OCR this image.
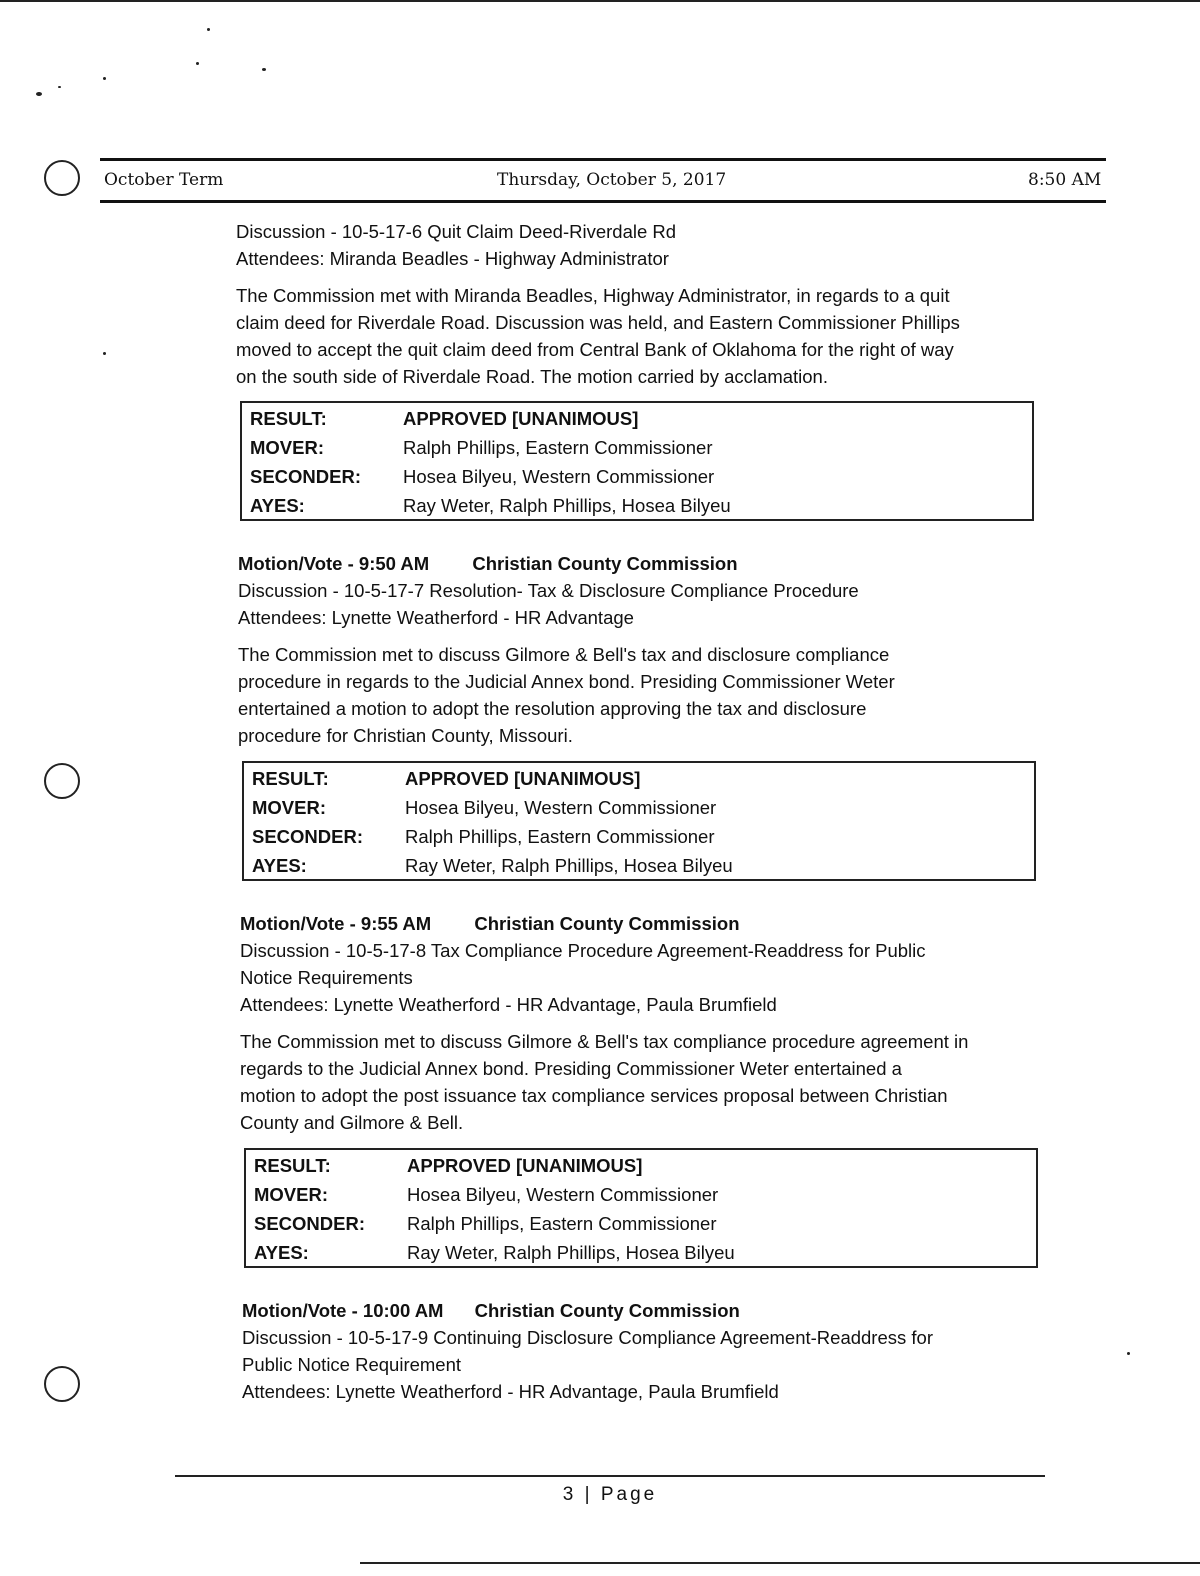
October Term	Thursday, October 5, 2017	8:50 AM

Discussion - 10-5-17-6 Quit Claim Deed-Riverdale Rd

Attendees: Miranda Beadles - Highway Administrator

The Commission met with Miranda Beadles, Highway Administrator, in regards to a quit

claim deed for Riverdale Road. Discussion was held, and Eastern Commissioner Phillips

moved to accept the quit claim deed from Central Bank of Oklahoma for the right of way

on the south side of Riverdale Road. The motion carried by acclamation.

RESULT:	APPROVED [UNANIMOUS]
MOVER:	Ralph Phillips, Eastern Commissioner
SECONDER: Hosea Bilyeu, Western Commissioner
AYES:	Ray Weter, Ralph Phillips, Hosea Bilyeu

Motion/Vote - 9:50 AM Christian County Commission

Discussion - 10-5-17-7 Resolution- Tax & Disclosure Compliance Procedure

Attendees: Lynette Weatherford - HR Advantage

The Commission met to discuss Gilmore & Bell's tax and disclosure compliance

procedure in regards to the Judicial Annex bond. Presiding Commissioner Weter

entertained a motion to adopt the resolution approving the tax and disclosure

procedure for Christian County, Missouri.

RESULT:	APPROVED [UNANIMOUS]
MOVER:	Hosea Bilyeu, Western Commissioner
SECONDER: Ralph Phillips, Eastern Commissioner
AYES:	Ray Weter, Ralph Phillips, Hosea Bilyeu

Motion/Vote - 9:55 AM Christian County Commission

Discussion - 10-5-17-8 Tax Compliance Procedure Agreement-Readdress for Public

Notice Requirements

Attendees: Lynette Weatherford - HR Advantage, Paula Brumfield

The Commission met to discuss Gilmore & Bell's tax compliance procedure agreement in

regards to the Judicial Annex bond. Presiding Commissioner Weter entertained a

motion to adopt the post issuance tax compliance services proposal between Christian

County and Gilmore & Bell.

RESULT:	APPROVED [UNANIMOUS]
MOVER:	Hosea Bilyeu, Western Commissioner
SECONDER: Ralph Phillips, Eastern Commissioner
AYES:	Ray Weter, Ralph Phillips, Hosea Bilyeu

Motion/Vote - 10:00 AM Christian County Commission

Discussion - 10-5-17-9 Continuing Disclosure Compliance Agreement-Readdress for

Public Notice Requirement

Attendees: Lynette Weatherford - HR Advantage, Paula Brumfield

3 | Page
